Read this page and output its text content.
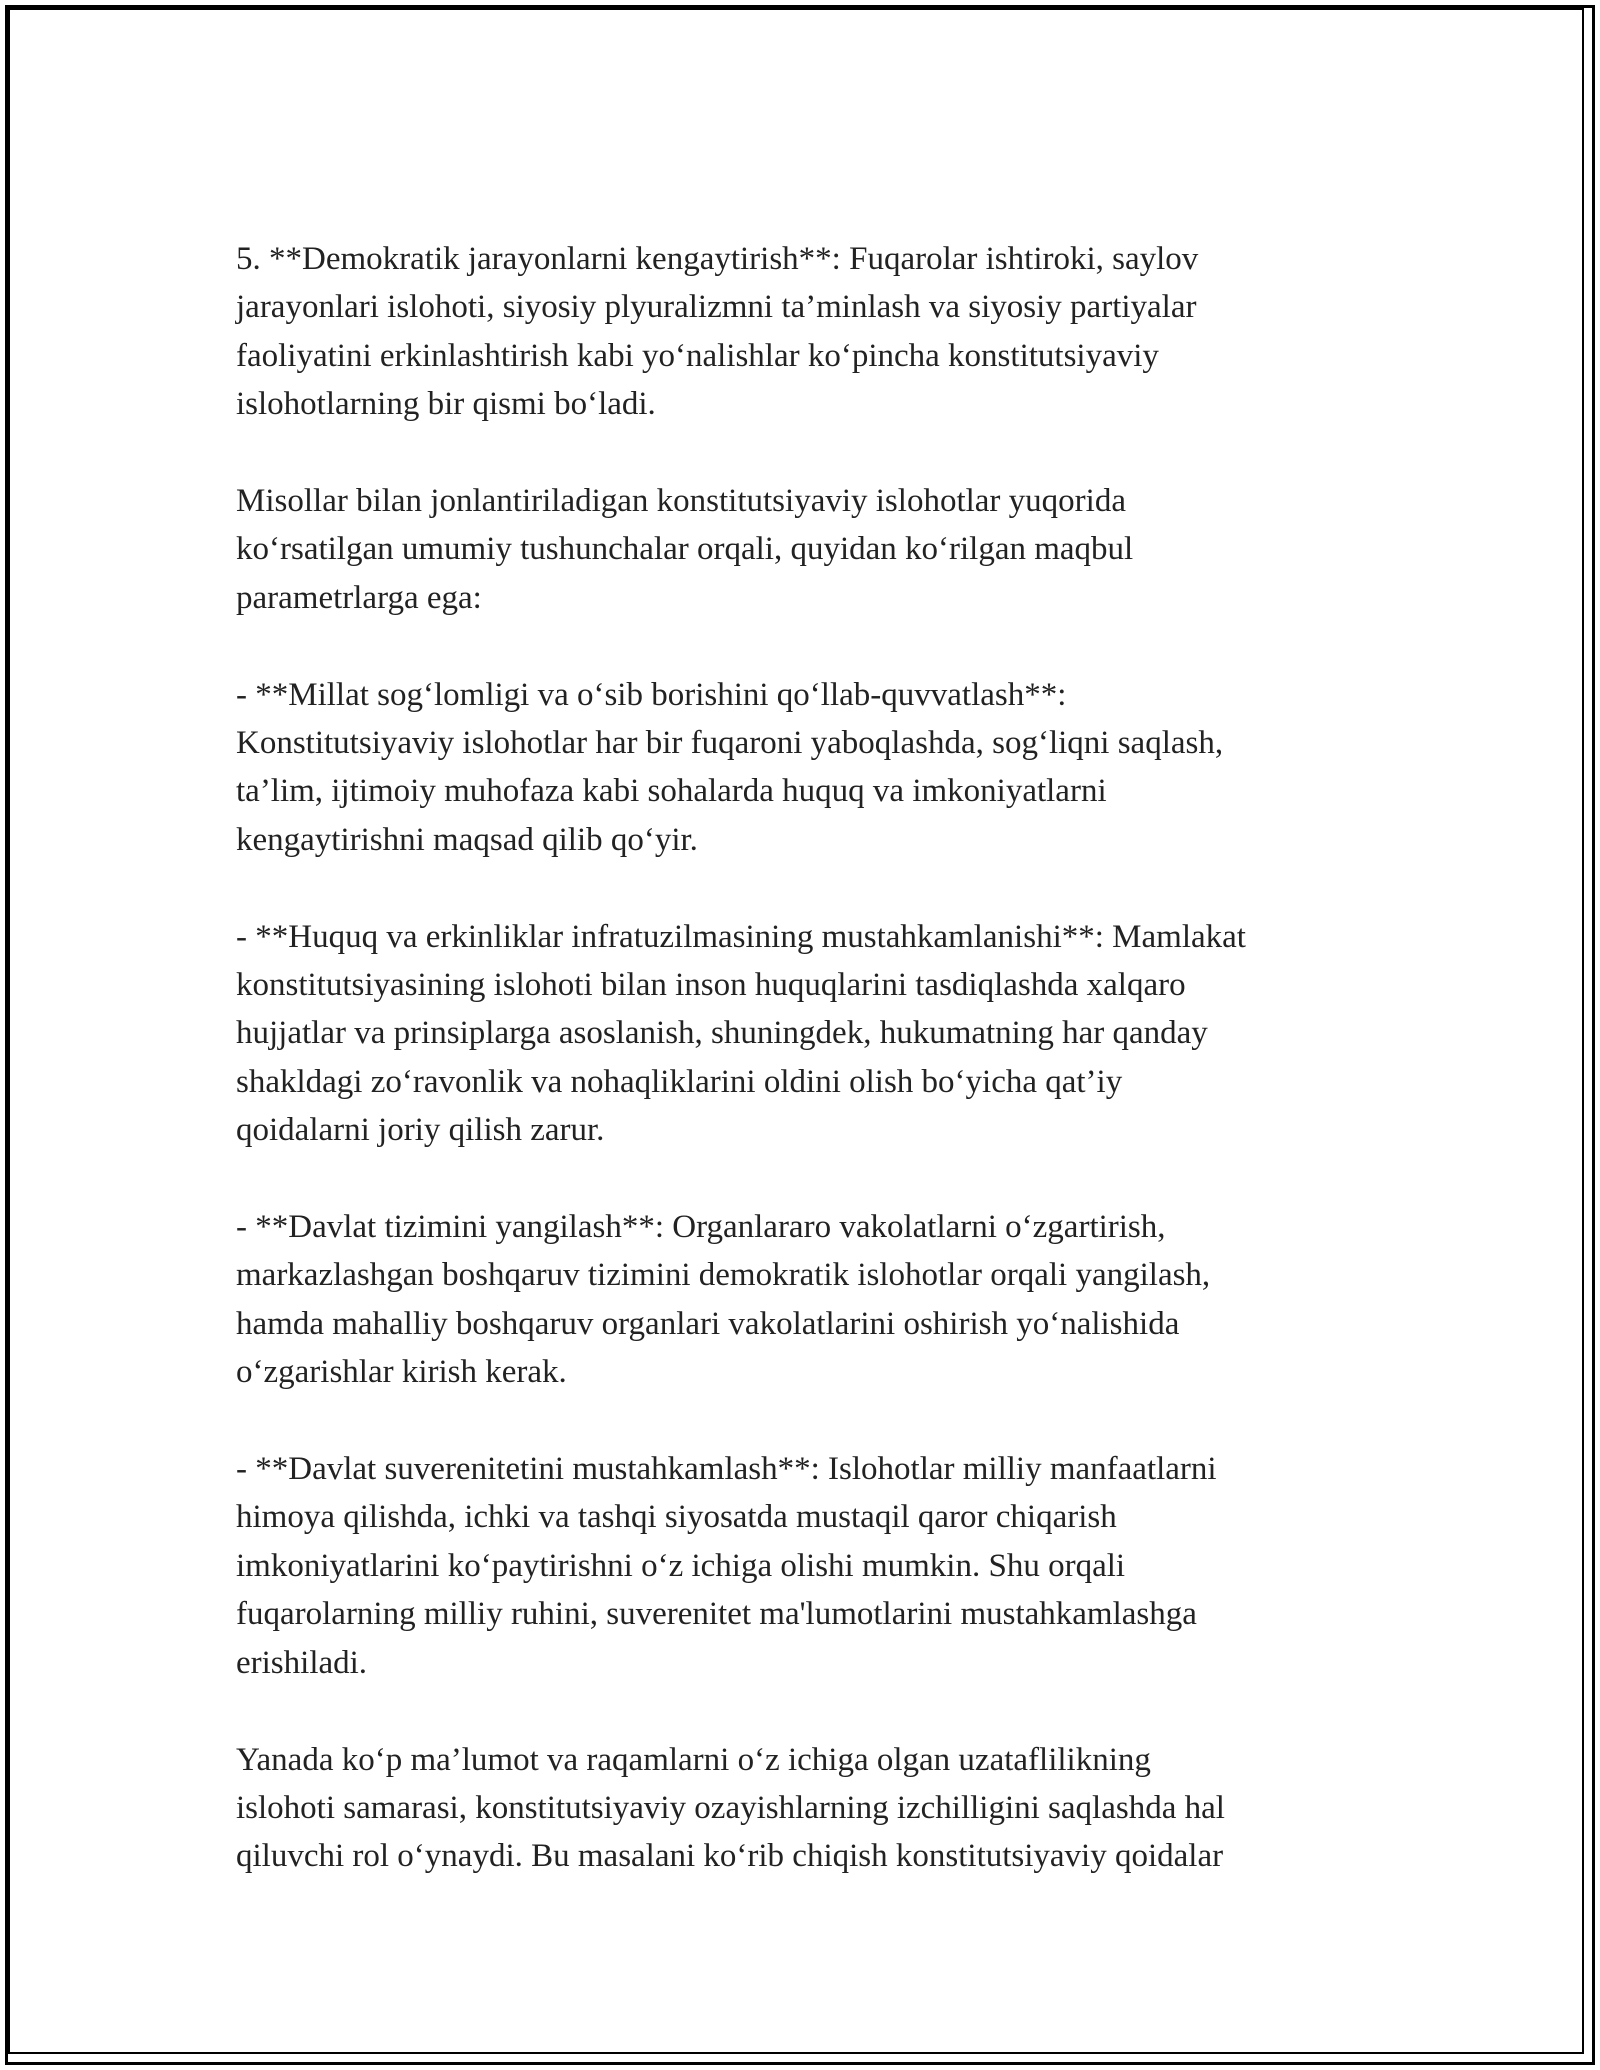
5. **Demokratik jarayonlarni kengaytirish**: Fuqarolar ishtiroki, saylov
jarayonlari islohoti, siyosiy plyuralizmni ta’minlash va siyosiy partiyalar
faoliyatini erkinlashtirish kabi yo‘nalishlar ko‘pincha konstitutsiyaviy
islohotlarning bir qismi bo‘ladi.

Misollar bilan jonlantiriladigan konstitutsiyaviy islohotlar yuqorida
ko‘rsatilgan umumiy tushunchalar orqali, quyidan ko‘rilgan maqbul
parametrlarga ega:

- **Millat sog‘lomligi va o‘sib borishini qo‘llab-quvvatlash**:
Konstitutsiyaviy islohotlar har bir fuqaroni yaboqlashda, sog‘liqni saqlash,
ta’lim, ijtimoiy muhofaza kabi sohalarda huquq va imkoniyatlarni
kengaytirishni maqsad qilib qo‘yir.

- **Huquq va erkinliklar infratuzilmasining mustahkamlanishi**: Mamlakat
konstitutsiyasining islohoti bilan inson huquqlarini tasdiqlashda xalqaro
hujjatlar va prinsiplarga asoslanish, shuningdek, hukumatning har qanday
shakldagi zo‘ravonlik va nohaqliklarini oldini olish bo‘yicha qat’iy
qoidalarni joriy qilish zarur.

- **Davlat tizimini yangilash**: Organlararo vakolatlarni o‘zgartirish,
markazlashgan boshqaruv tizimini demokratik islohotlar orqali yangilash,
hamda mahalliy boshqaruv organlari vakolatlarini oshirish yo‘nalishida
o‘zgarishlar kirish kerak.

- **Davlat suverenitetini mustahkamlash**: Islohotlar milliy manfaatlarni
himoya qilishda, ichki va tashqi siyosatda mustaqil qaror chiqarish
imkoniyatlarini ko‘paytirishni o‘z ichiga olishi mumkin. Shu orqali
fuqarolarning milliy ruhini, suverenitet ma'lumotlarini mustahkamlashga
erishiladi.

Yanada ko‘p ma’lumot va raqamlarni o‘z ichiga olgan uzataflilikning
islohoti samarasi, konstitutsiyaviy ozayishlarning izchilligini saqlashda hal
qiluvchi rol o‘ynaydi. Bu masalani ko‘rib chiqish konstitutsiyaviy qoidalar
